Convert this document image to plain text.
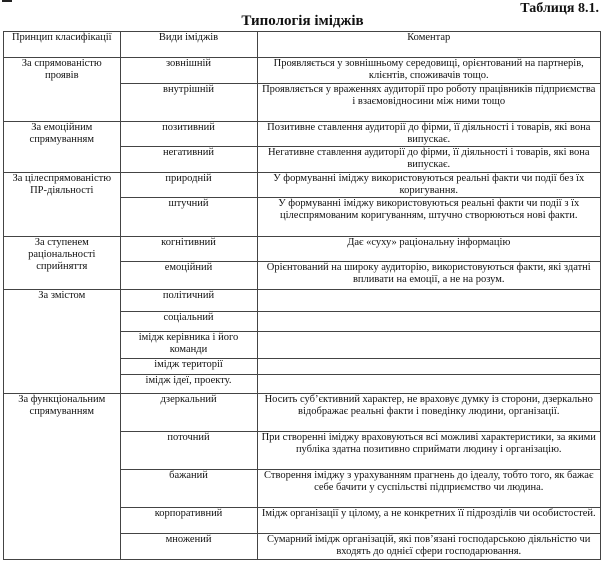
Таблиця 8.1.
Типологія іміджів
Принцип класифікації	Види іміджів	Коментар
За спрямованістю проявів	зовнішній	Проявляється у зовнішньому середовищі, орієнтований на партнерів, клієнтів, споживачів тощо.
	внутрішній	Проявляється у враженнях аудиторії про роботу працівників підприємства і взаємовідносини між ними тощо
За емоційним спрямуванням	позитивний	Позитивне ставлення аудиторії до фірми, її діяльності і товарів, які вона випускає.
	негативний	Негативне ставлення аудиторії до фірми, її діяльності і товарів, які вона випускає.
За цілеспрямованістю ПР-діяльності	природній	У формуванні іміджу використовуються реальні факти чи події без їх коригування.
	штучний	У формуванні іміджу використовуються реальні факти чи події з їх цілеспрямованим коригуванням, штучно створюються нові факти.
За ступенем раціональності сприйняття	когнітивний	Дає «суху» раціональну інформацію
	емоційний	Орієнтований на широку аудиторію, використовуються факти, які здатні впливати на емоції, а не на розум.
За змістом	політичний	
	соціальний	
	імідж керівника і його команди	
	імідж території	
	імідж ідеї, проекту.	
За функціональним спрямуванням	дзеркальний	Носить суб’єктивний характер, не враховує думку із сторони, дзеркально відображає реальні факти і поведінку людини, організації.
	поточний	При створенні іміджу враховуються всі можливі характеристики, за якими публіка здатна позитивно сприймати людину і організацію.
	бажаний	Створення іміджу з урахуванням прагнень до ідеалу, тобто того, як бажає себе бачити у суспільстві підприємство чи людина.
	корпоративний	Імідж організації у цілому, а не конкретних її підрозділів чи особистостей.
	множений	Сумарний імідж організацій, які пов’язані господарською діяльністю чи входять до однієї сфери господарювання.
